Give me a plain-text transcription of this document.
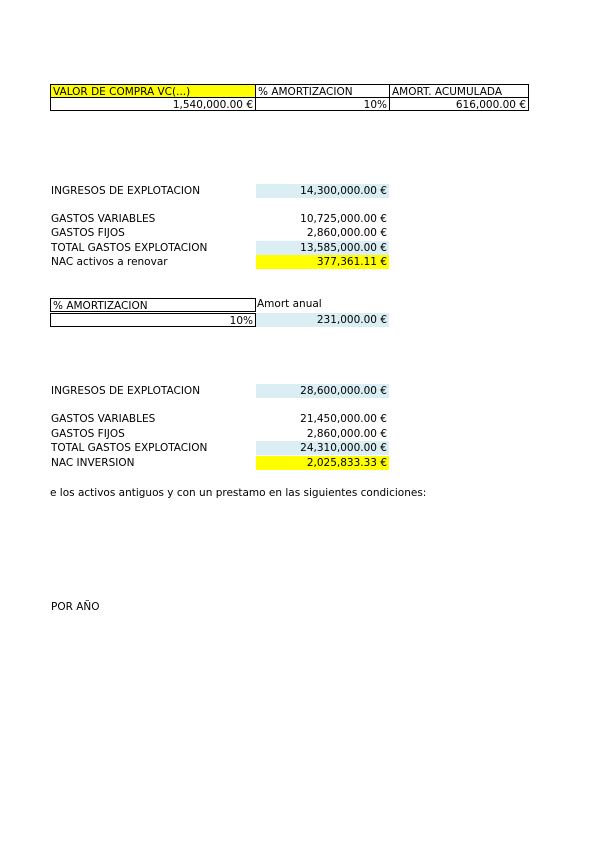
VALOR DE COMPRA VC(...)	% AMORTIZACION	AMORT. ACUMULADA
1,540,000.00 €	10%	616,000.00 €
INGRESOS DE EXPLOTACION	14,300,000.00 €
GASTOS VARIABLES	10,725,000.00 €
GASTOS FIJOS	2,860,000.00 €
TOTAL GASTOS EXPLOTACION	13,585,000.00 €
NAC activos a renovar	377,361.11 €
% AMORTIZACION	Amort anual
10%	231,000.00 €
INGRESOS DE EXPLOTACION	28,600,000.00 €
GASTOS VARIABLES	21,450,000.00 €
GASTOS FIJOS	2,860,000.00 €
TOTAL GASTOS EXPLOTACION	24,310,000.00 €
NAC INVERSION	2,025,833.33 €
e los activos antiguos y con un prestamo en las siguientes condiciones:
POR AÑO
